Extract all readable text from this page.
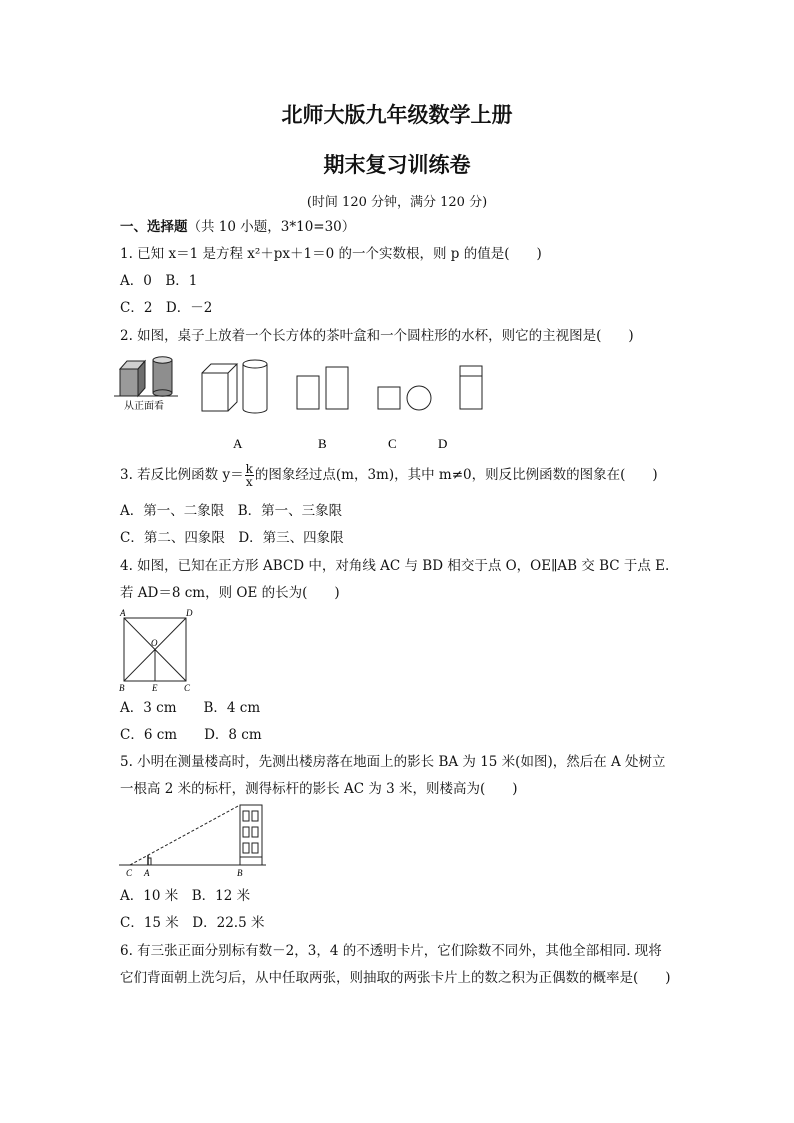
北师大版九年级数学上册
期末复习训练卷
(时间 120 分钟，满分 120 分)
一、选择题（共 10 小题，3*10=30）
1. 已知 x＝1 是方程 x²＋px＋1＝0 的一个实数根，则 p 的值是(　　)
A．0　B．1
C．2　D．－2
2. 如图，桌子上放着一个长方体的茶叶盒和一个圆柱形的水杯，则它的主视图是(　　)
从正面看
A	B	C	D
3. 若反比例函数 $y= \frac{k}{x}$ 的图象经过点(m，3m)，其中 m≠0，则反比例函数的图象在(　　)
A．第一、二象限　B．第一、三象限
C．第二、四象限　D．第三、四象限
4. 如图，已知在正方形 ABCD 中，对角线 AC 与 BD 相交于点 O，OE∥AB 交 BC 于点 E.
若 AD＝8 cm，则 OE 的长为(　　)
A	D
O
B	E	C
A．3 cm　　B．4 cm
C．6 cm　　D．8 cm
5. 小明在测量楼高时，先测出楼房落在地面上的影长 BA 为 15 米(如图)，然后在 A 处树立
一根高 2 米的标杆，测得标杆的影长 AC 为 3 米，则楼高为(　　)
C A	B
A．10 米　B．12 米
C．15 米　D．22.5 米
6. 有三张正面分别标有数－2，3，4 的不透明卡片，它们除数不同外，其他全部相同. 现将
它们背面朝上洗匀后，从中任取两张，则抽取的两张卡片上的数之积为正偶数的概率是(　　)
